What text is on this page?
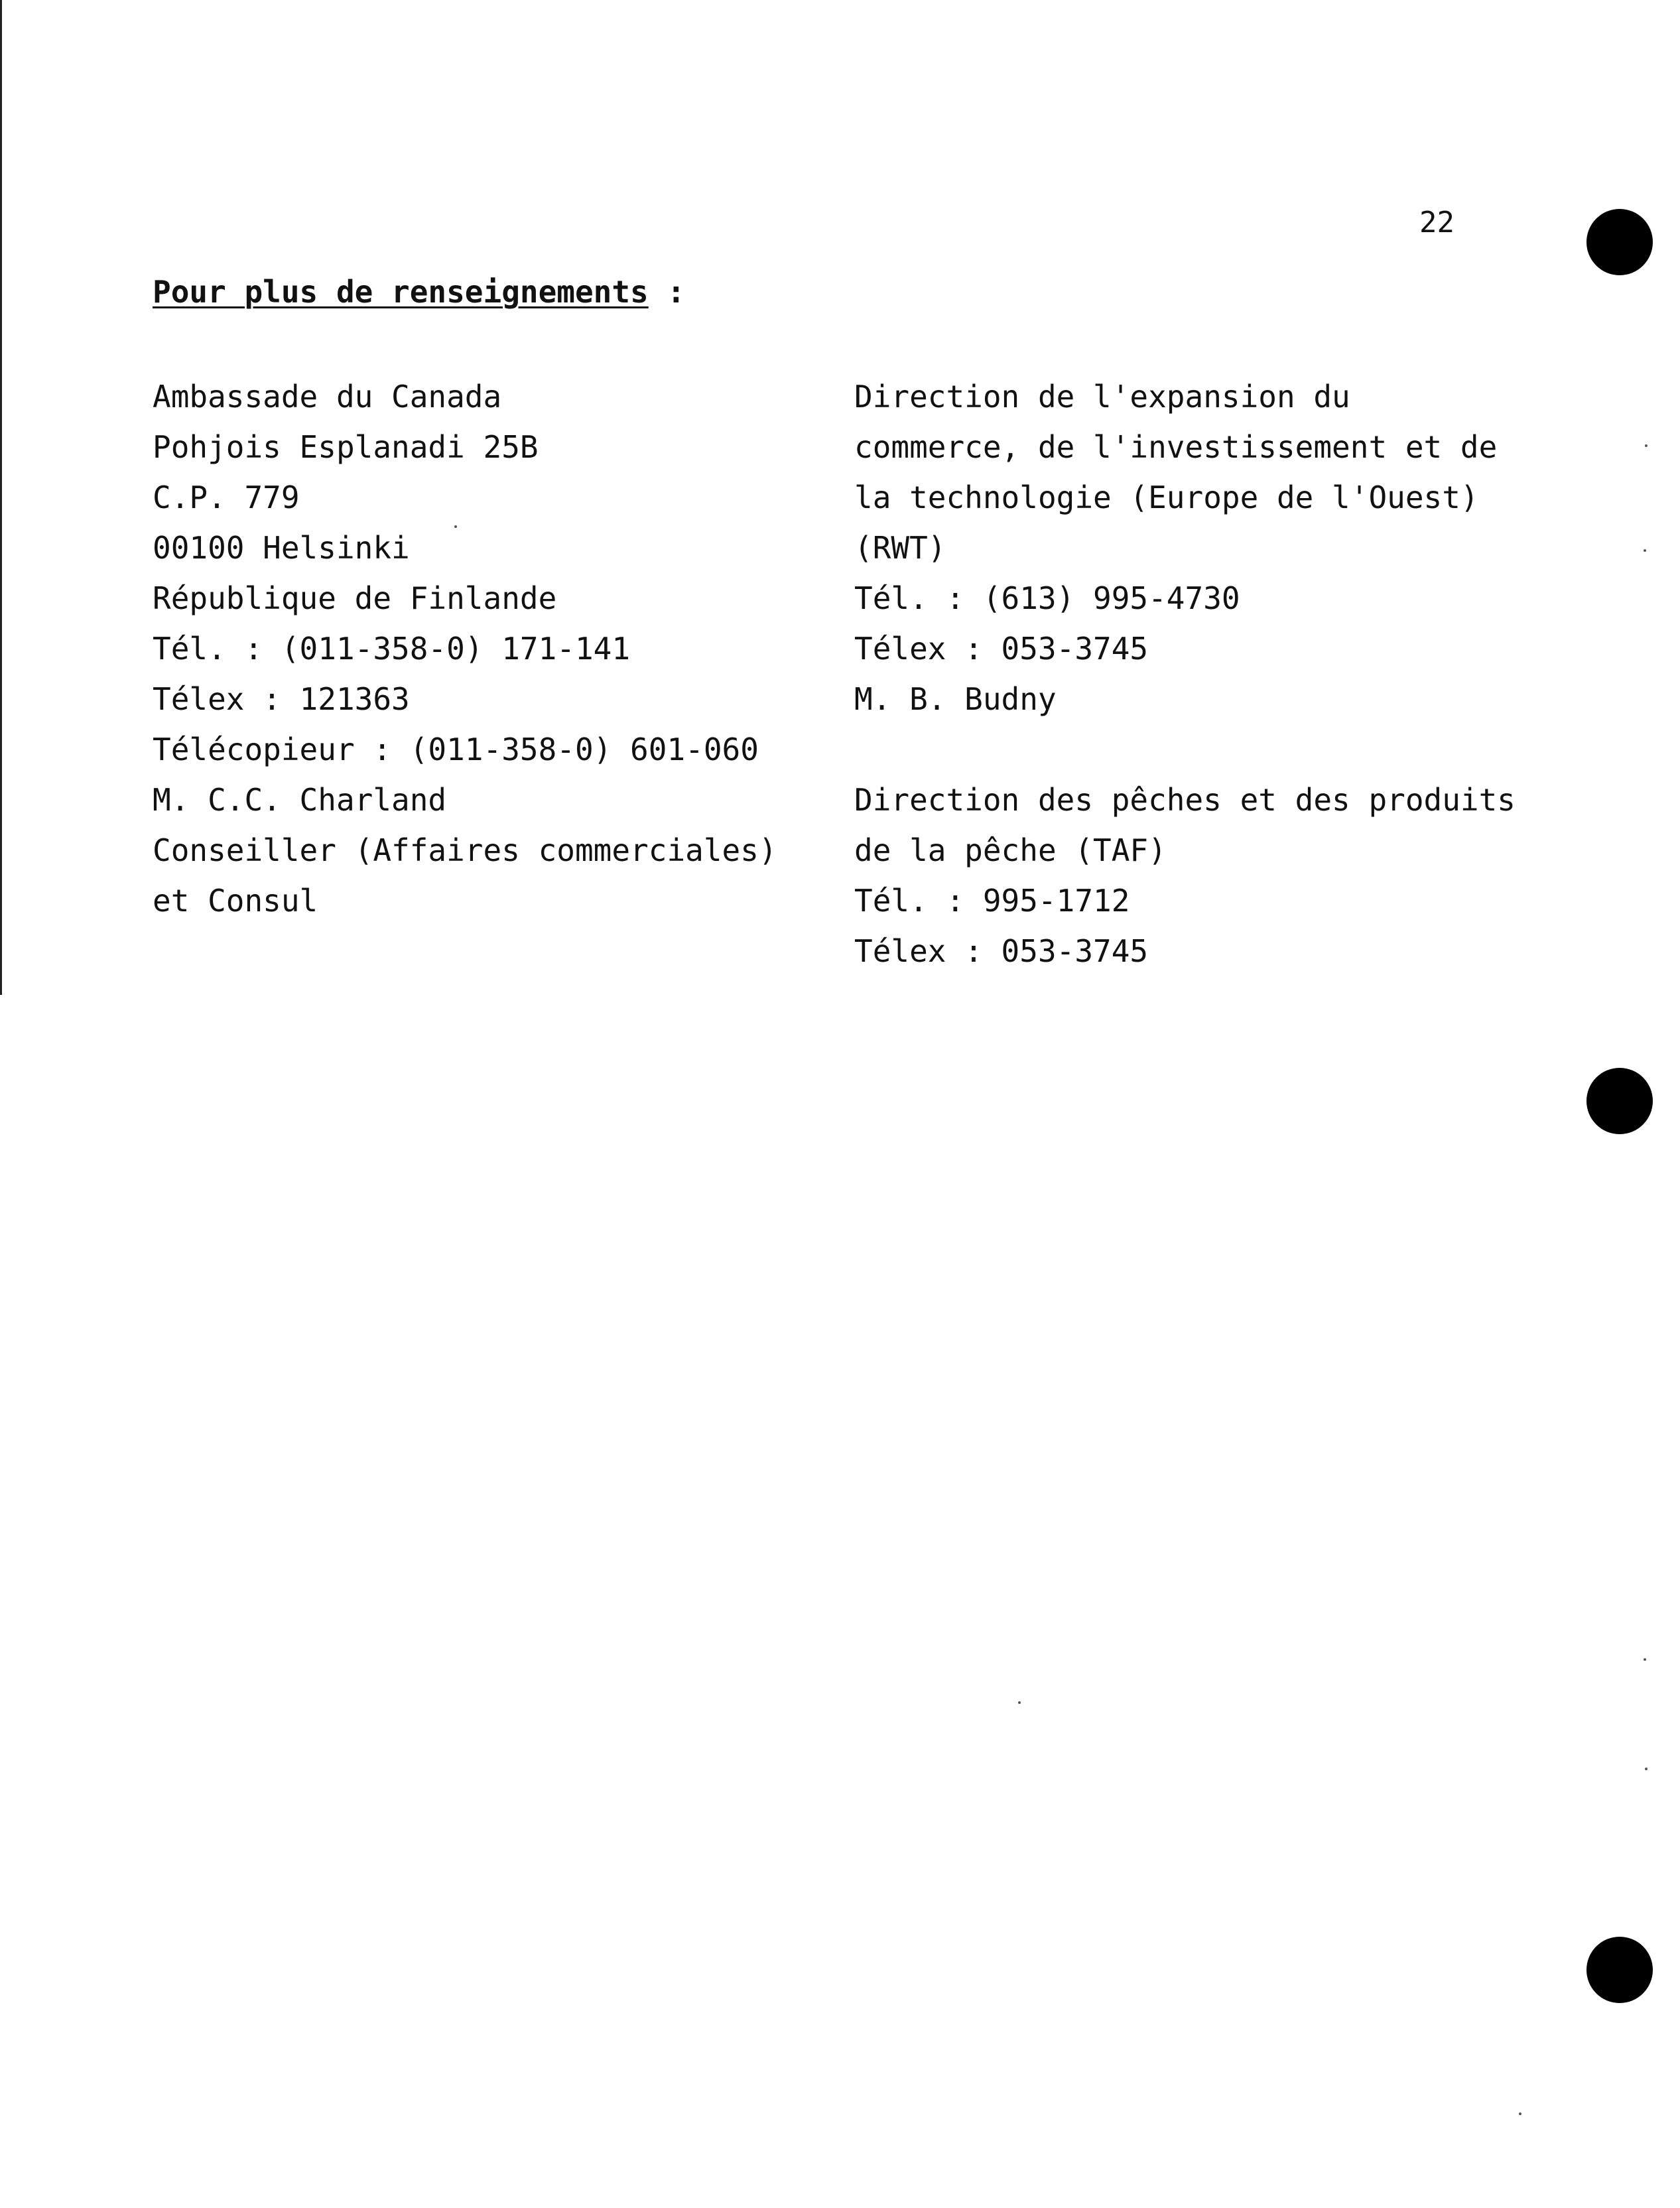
22
Pour plus de renseignements :
Ambassade du Canada
Pohjois Esplanadi 25B
C.P. 779
00100 Helsinki
République de Finlande
Tél. : (011-358-0) 171-141
Télex : 121363
Télécopieur : (011-358-0) 601-060
M. C.C. Charland
Conseiller (Affaires commerciales)
et Consul
Direction de l'expansion du
commerce, de l'investissement et de
la technologie (Europe de l'Ouest)
(RWT)
Tél. : (613) 995-4730
Télex : 053-3745
M. B. Budny
Direction des pêches et des produits
de la pêche (TAF)
Tél. : 995-1712
Télex : 053-3745
